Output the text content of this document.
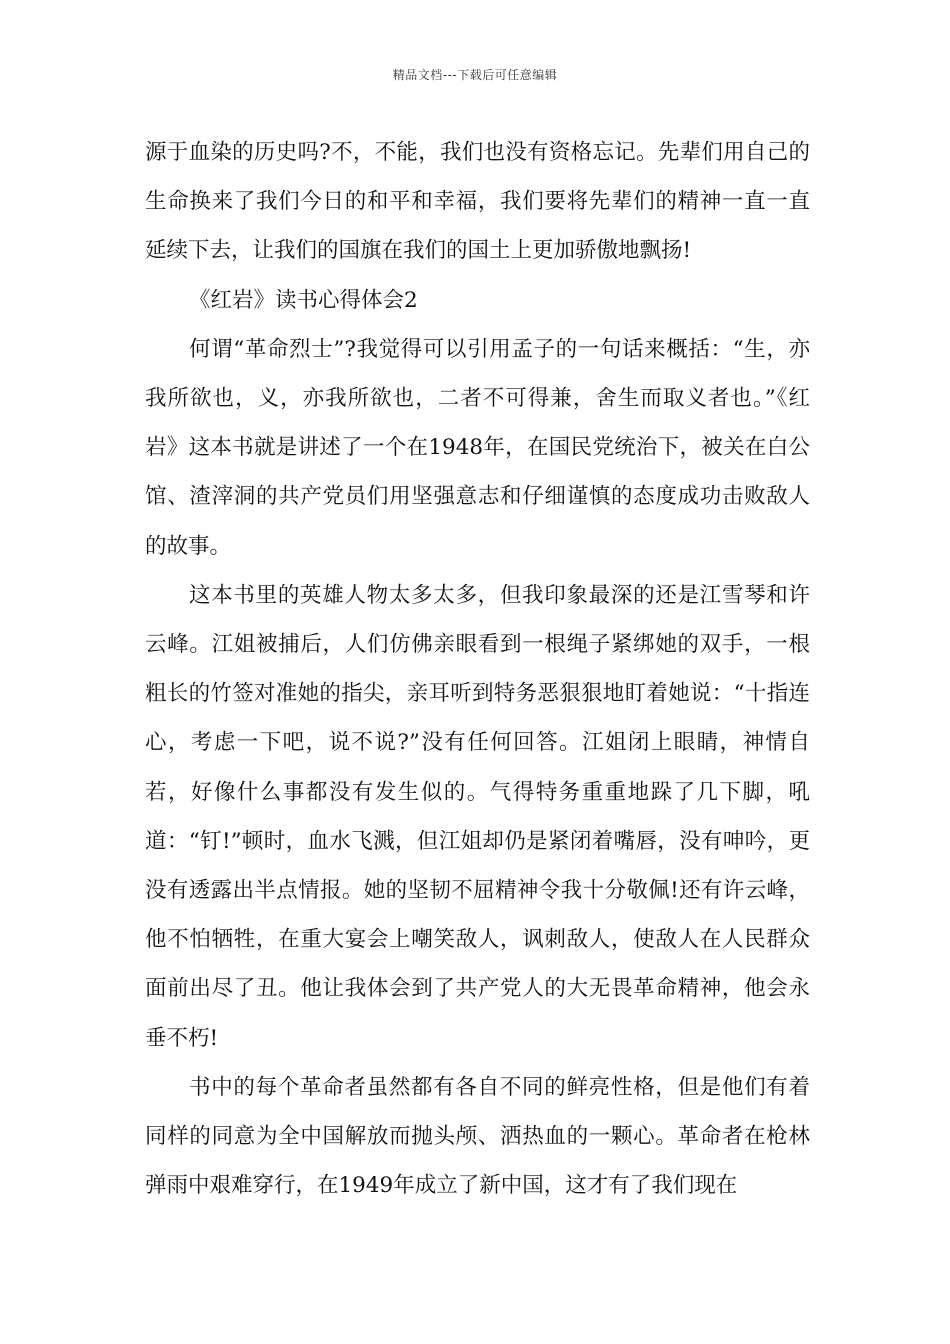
精品文档---下载后可任意编辑

源于血染的历史吗?不，不能，我们也没有资格忘记。先辈们用自己的生命换来了我们今日的和平和幸福，我们要将先辈们的精神一直一直延续下去，让我们的国旗在我们的国土上更加骄傲地飘扬!

《红岩》读书心得体会2

何谓“革命烈士”?我觉得可以引用孟子的一句话来概括：“生，亦我所欲也，义，亦我所欲也，二者不可得兼，舍生而取义者也。”《红岩》这本书就是讲述了一个在1948年，在国民党统治下，被关在白公馆、渣滓洞的共产党员们用坚强意志和仔细谨慎的态度成功击败敌人的故事。

这本书里的英雄人物太多太多，但我印象最深的还是江雪琴和许云峰。江姐被捕后，人们仿佛亲眼看到一根绳子紧绑她的双手，一根粗长的竹签对准她的指尖，亲耳听到特务恶狠狠地盯着她说：“十指连心，考虑一下吧，说不说?”没有任何回答。江姐闭上眼睛，神情自若，好像什么事都没有发生似的。气得特务重重地跺了几下脚，吼道：“钉!”顿时，血水飞溅，但江姐却仍是紧闭着嘴唇，没有呻吟，更没有透露出半点情报。她的坚韧不屈精神令我十分敬佩!还有许云峰，他不怕牺牲，在重大宴会上嘲笑敌人，讽刺敌人，使敌人在人民群众面前出尽了丑。他让我体会到了共产党人的大无畏革命精神，他会永垂不朽!

书中的每个革命者虽然都有各自不同的鲜亮性格，但是他们有着同样的同意为全中国解放而抛头颅、洒热血的一颗心。革命者在枪林弹雨中艰难穿行，在1949年成立了新中国，这才有了我们现在
